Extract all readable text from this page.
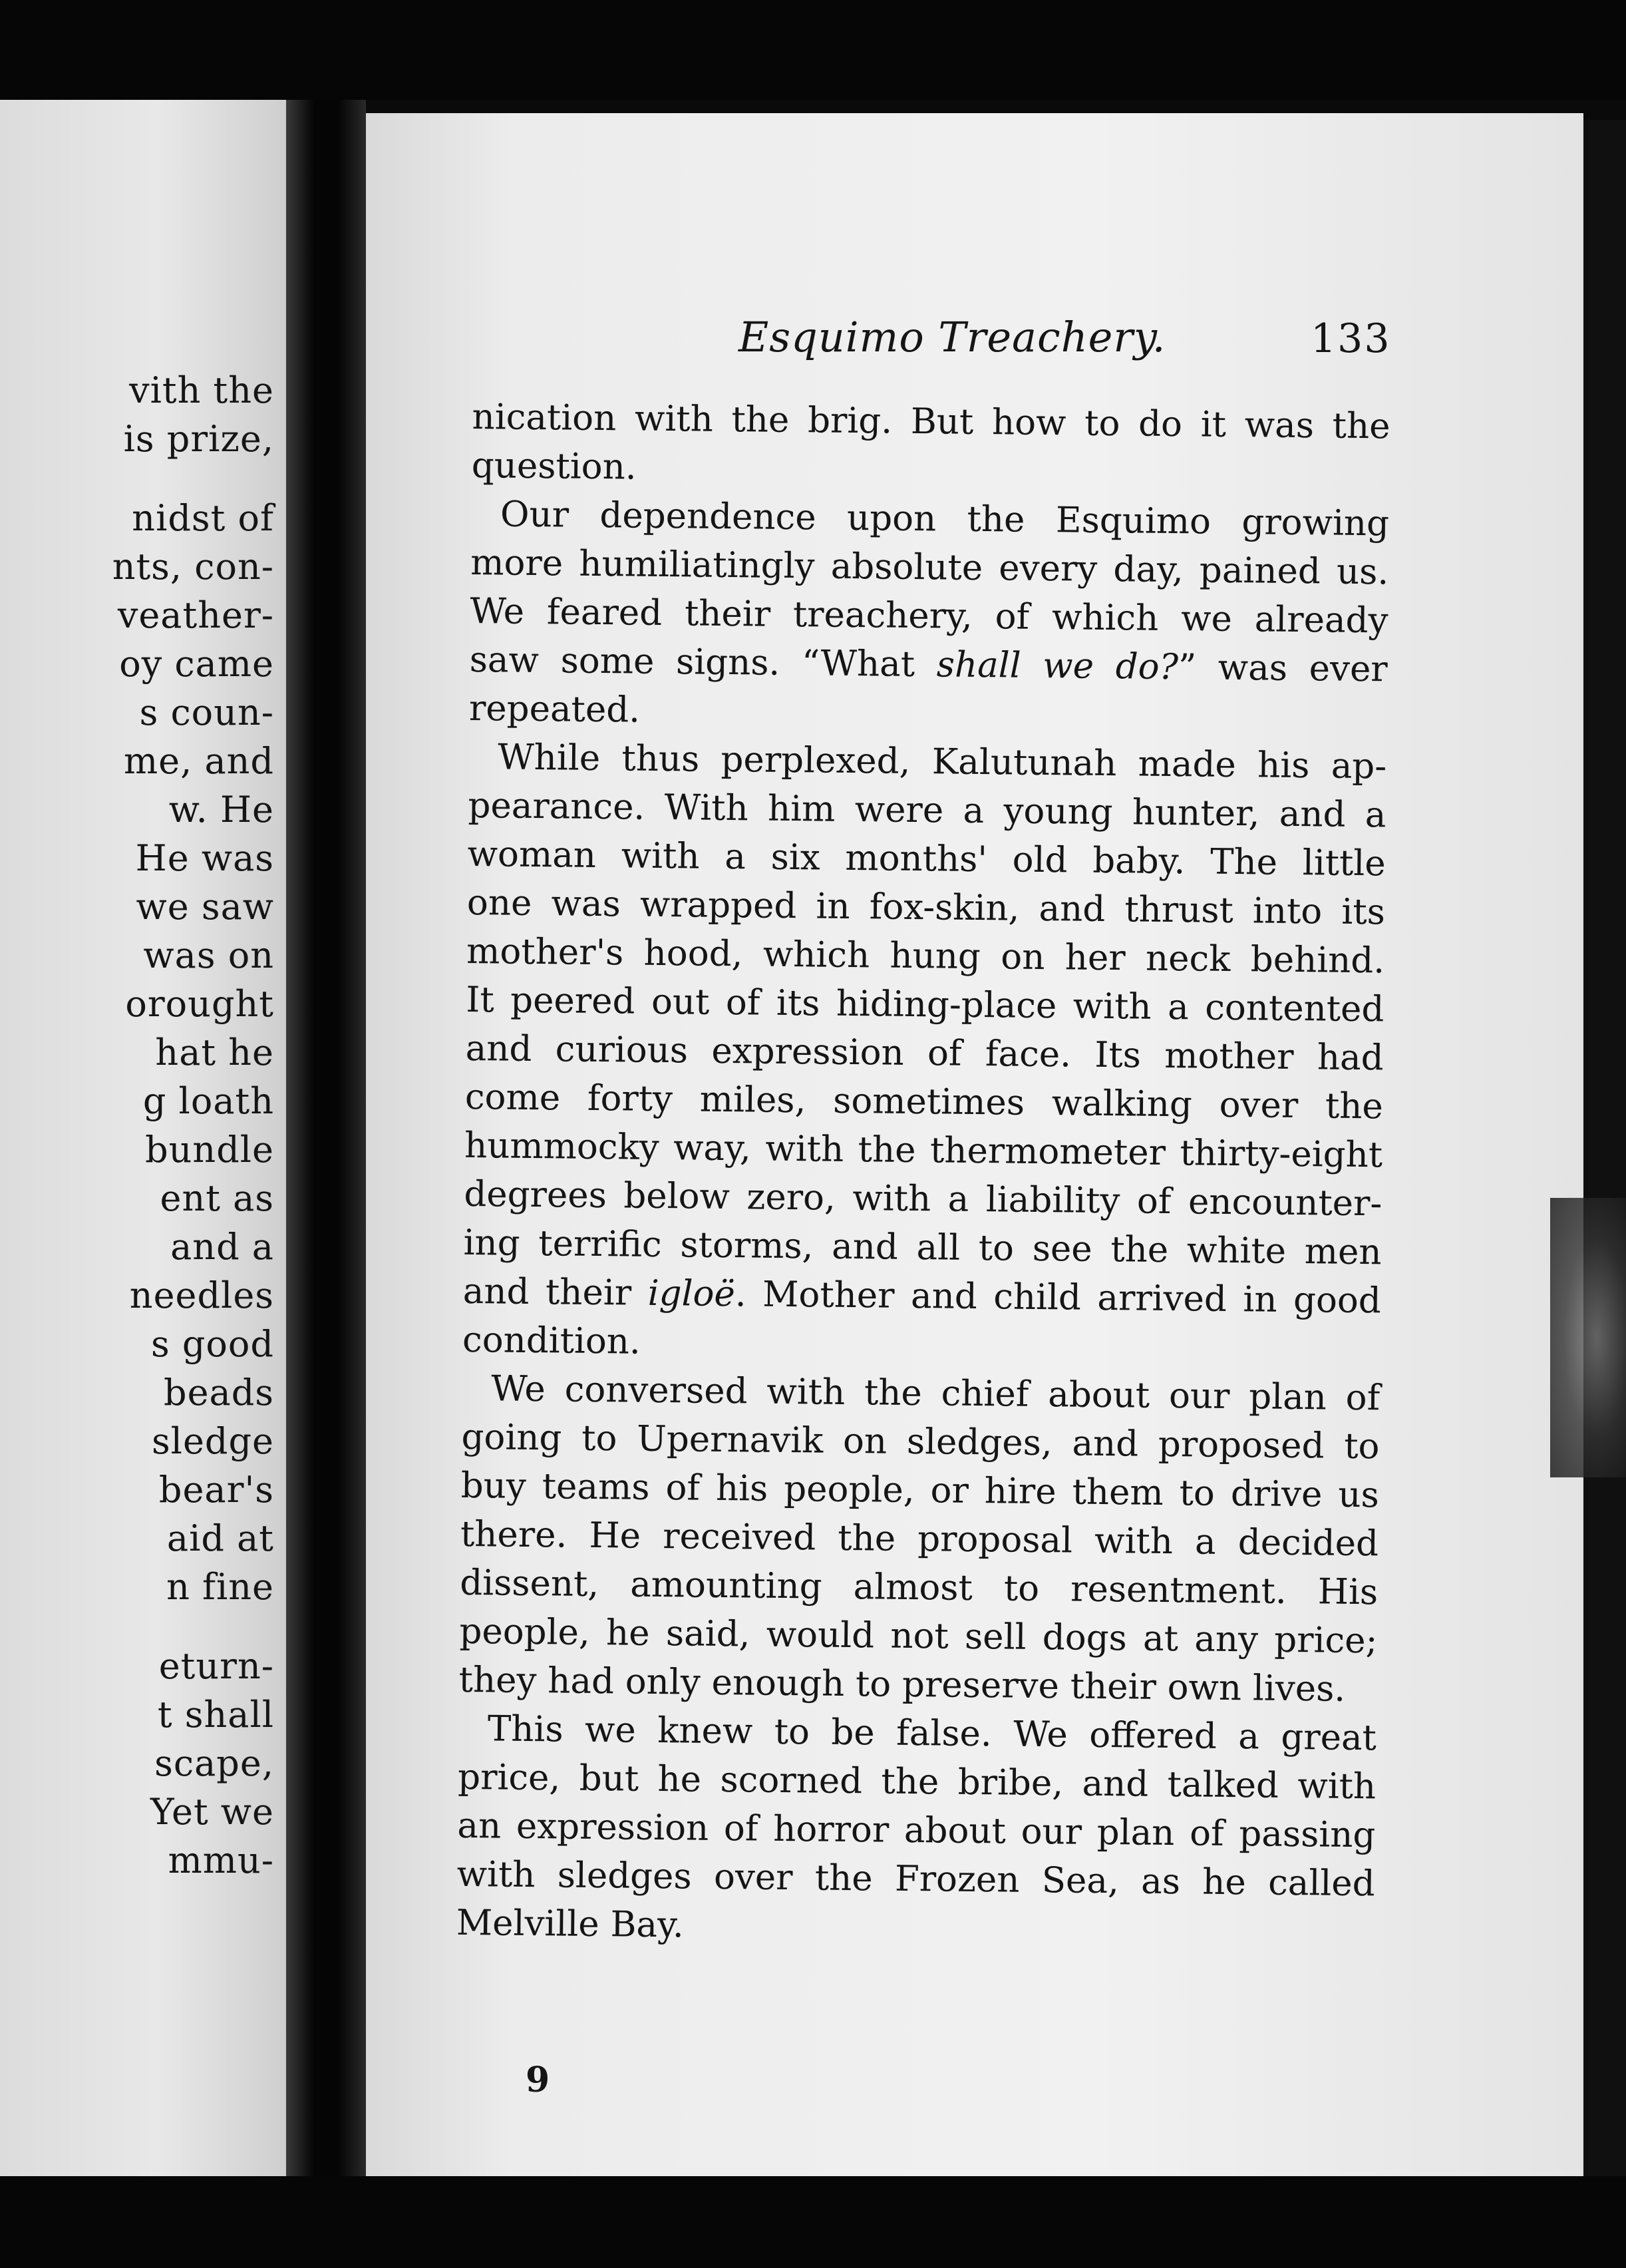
vith the
is prize,
nidst of
nts, con-
veather-
oy came
s coun-
me, and
w. He
He was
we saw
was on
orought
hat he
g loath
bundle
ent as
and a
needles
s good
beads
sledge
bear's
aid at
n fine
eturn-
t shall
scape,
Yet we
mmu-
Esquimo Treachery.	133
nication with the brig. But how to do it was the
question.
Our dependence upon the Esquimo growing
more humiliatingly absolute every day, pained us.
We feared their treachery, of which we already
saw some signs. “What shall we do?” was ever
repeated.
While thus perplexed, Kalutunah made his ap-
pearance. With him were a young hunter, and a
woman with a six months' old baby. The little
one was wrapped in fox-skin, and thrust into its
mother's hood, which hung on her neck behind.
It peered out of its hiding-place with a contented
and curious expression of face. Its mother had
come forty miles, sometimes walking over the
hummocky way, with the thermometer thirty-eight
degrees below zero, with a liability of encounter-
ing terrific storms, and all to see the white men
and their igloë. Mother and child arrived in good
condition.
We conversed with the chief about our plan of
going to Upernavik on sledges, and proposed to
buy teams of his people, or hire them to drive us
there. He received the proposal with a decided
dissent, amounting almost to resentment. His
people, he said, would not sell dogs at any price;
they had only enough to preserve their own lives.
This we knew to be false. We offered a great
price, but he scorned the bribe, and talked with
an expression of horror about our plan of passing
with sledges over the Frozen Sea, as he called
Melville Bay.
9
